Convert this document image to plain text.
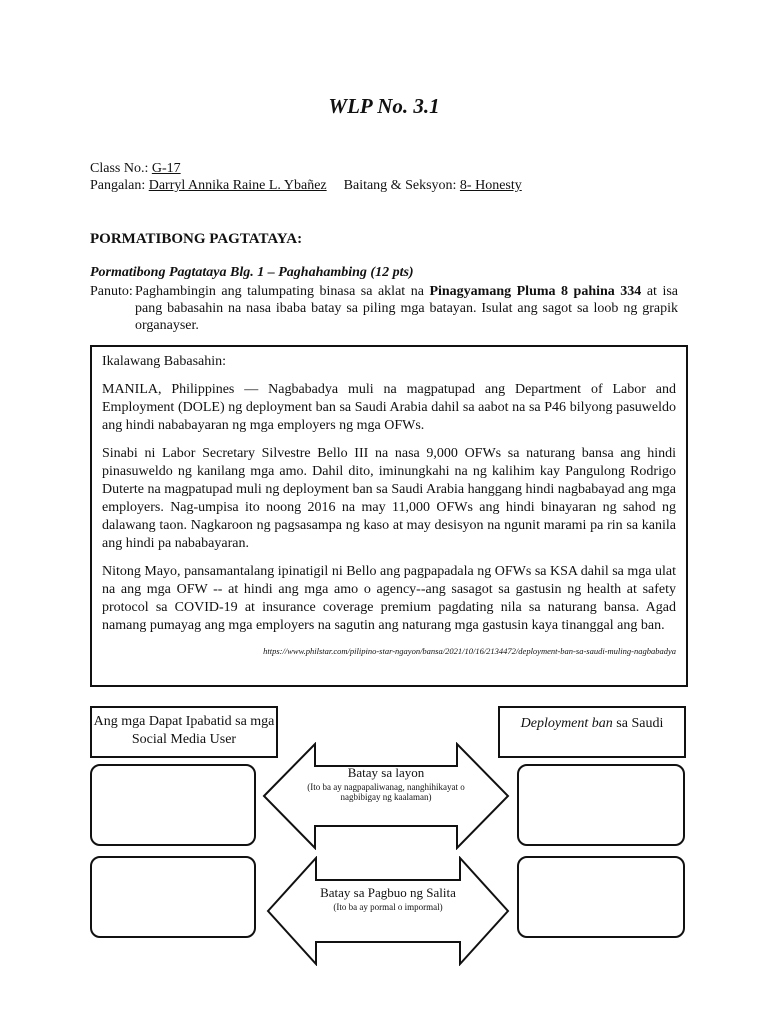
WLP No. 3.1
Class No.: G-17
Pangalan: Darryl Annika Raine L. Ybañez Baitang & Seksyon: 8- Honesty
PORMATIBONG PAGTATAYA:
Pormatibong Pagtataya Blg. 1 – Paghahambing (12 pts)
Panuto: Paghambingin ang talumpating binasa sa aklat na Pinagyamang Pluma 8 pahina 334 at isa pang babasahin na nasa ibaba batay sa piling mga batayan. Isulat ang sagot sa loob ng grapik organayser.

Ikalawang Babasahin:

MANILA, Philippines — Nagbabadya muli na magpatupad ang Department of Labor and Employment (DOLE) ng deployment ban sa Saudi Arabia dahil sa aabot na sa P46 bilyong pasuweldo ang hindi nababayaran ng mga employers ng mga OFWs.

Sinabi ni Labor Secretary Silvestre Bello III na nasa 9,000 OFWs sa naturang bansa ang hindi pinasuweldo ng kanilang mga amo. Dahil dito, iminungkahi na ng kalihim kay Pangulong Rodrigo Duterte na magpatupad muli ng deployment ban sa Saudi Arabia hanggang hindi nagbabayad ang mga employers. Nag-umpisa ito noong 2016 na may 11,000 OFWs ang hindi binayaran ng sahod ng dalawang taon. Nagkaroon ng pagsasampa ng kaso at may desisyon na ngunit marami pa rin sa kanila ang hindi pa nababayaran.

Nitong Mayo, pansamantalang ipinatigil ni Bello ang pagpapadala ng OFWs sa KSA dahil sa mga ulat na ang mga OFW -- at hindi ang mga amo o agency--ang sasagot sa gastusin ng health at safety protocol sa COVID-19 at insurance coverage premium pagdating nila sa naturang bansa. Agad namang pumayag ang mga employers na sagutin ang naturang mga gastusin kaya tinanggal ang ban.

https://www.philstar.com/pilipino-star-ngayon/bansa/2021/10/16/2134472/deployment-ban-sa-saudi-muling-nagbabadya
Ang mga Dapat Ipabatid sa mga Social Media User
Deployment ban sa Saudi
Batay sa layon
(Ito ba ay nagpapaliwanag, nanghihikayat o nagbibigay ng kaalaman)
Batay sa Pagbuo ng Salita
(Ito ba ay pormal o impormal)
